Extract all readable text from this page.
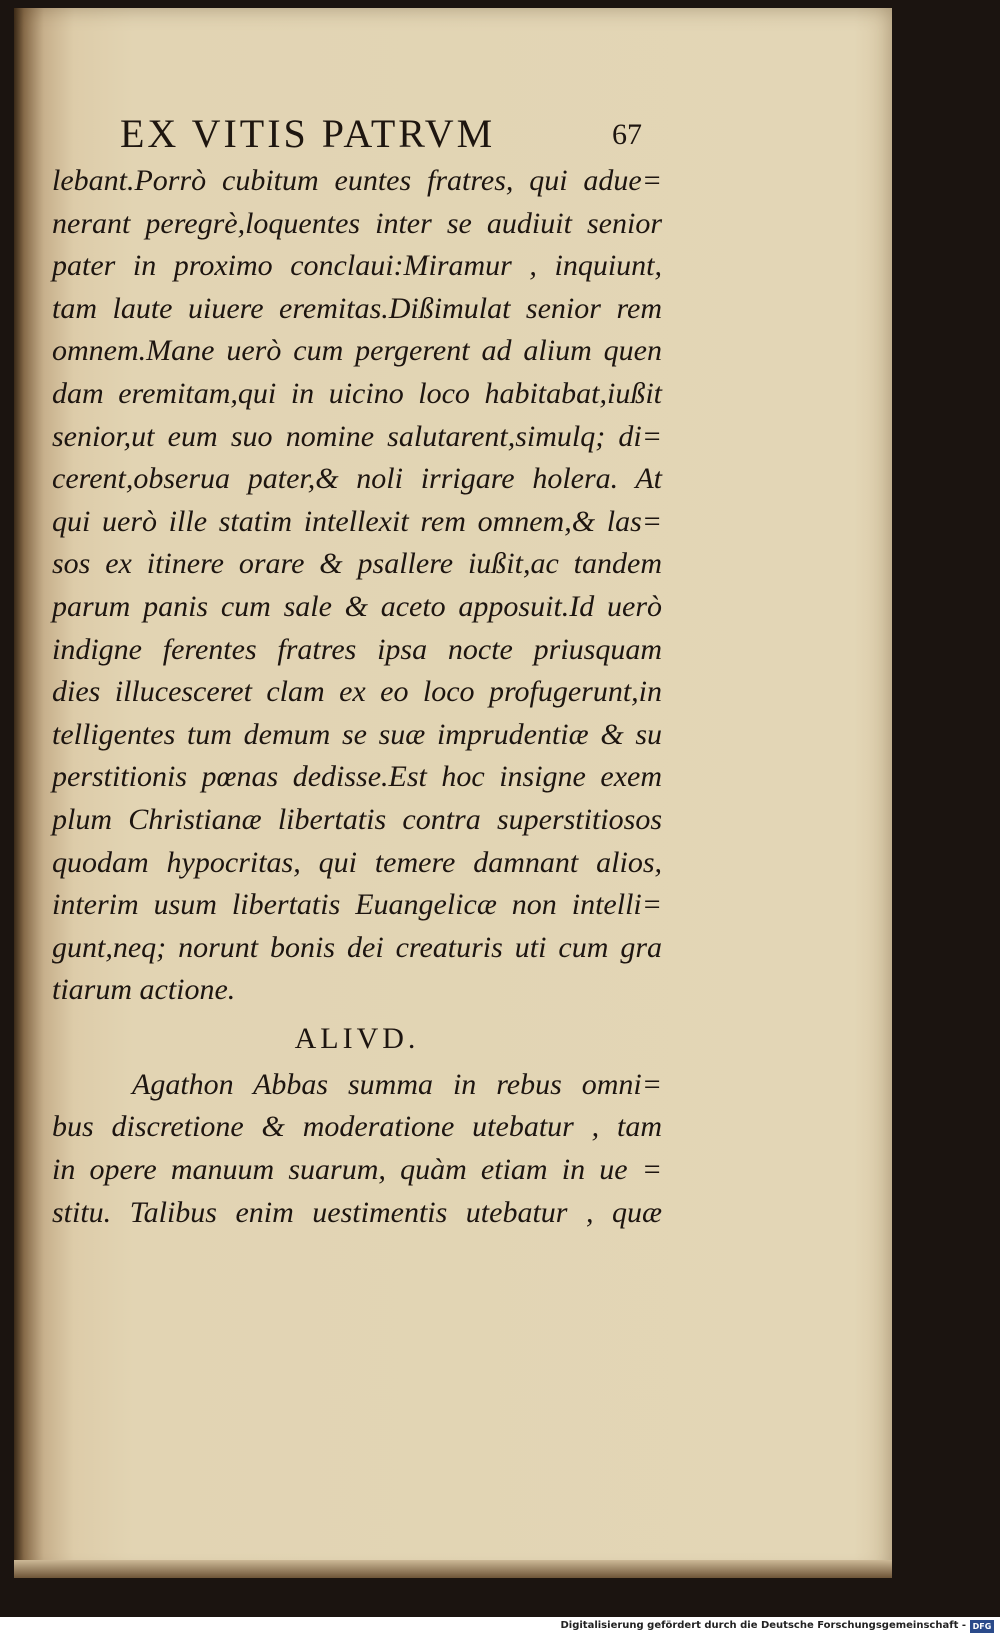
EX VITIS PATRVM	67
lebant.Porrò cubitum euntes fratres, qui adue=
nerant peregrè,loquentes inter se audiuit senior
pater in proximo conclaui:Miramur , inquiunt,
tam laute uiuere eremitas.Dißimulat senior rem
omnem.Mane uerò cum pergerent ad alium quen
dam eremitam,qui in uicino loco habitabat,iußit
senior,ut eum suo nomine salutarent,simulq; di=
cerent,obserua pater,& noli irrigare holera. At
qui uerò ille statim intellexit rem omnem,& las=
sos ex itinere orare & psallere iußit,ac tandem
parum panis cum sale & aceto apposuit.Id uerò
indigne ferentes fratres ipsa nocte priusquam
dies illucesceret clam ex eo loco profugerunt,in
telligentes tum demum se suæ imprudentiæ & su
perstitionis pœnas dedisse.Est hoc insigne exem
plum Christianæ libertatis contra superstitiosos
quodam hypocritas, qui temere damnant alios,
interim usum libertatis Euangelicæ non intelli=
gunt,neq; norunt bonis dei creaturis uti cum gra
tiarum actione.
ALIVD.
Agathon Abbas summa in rebus omni=
bus discretione & moderatione utebatur , tam
in opere manuum suarum, quàm etiam in ue =
stitu. Talibus enim uestimentis utebatur , quæ
Digitalisierung gefördert durch die Deutsche Forschungsgemeinschaft - DFG
